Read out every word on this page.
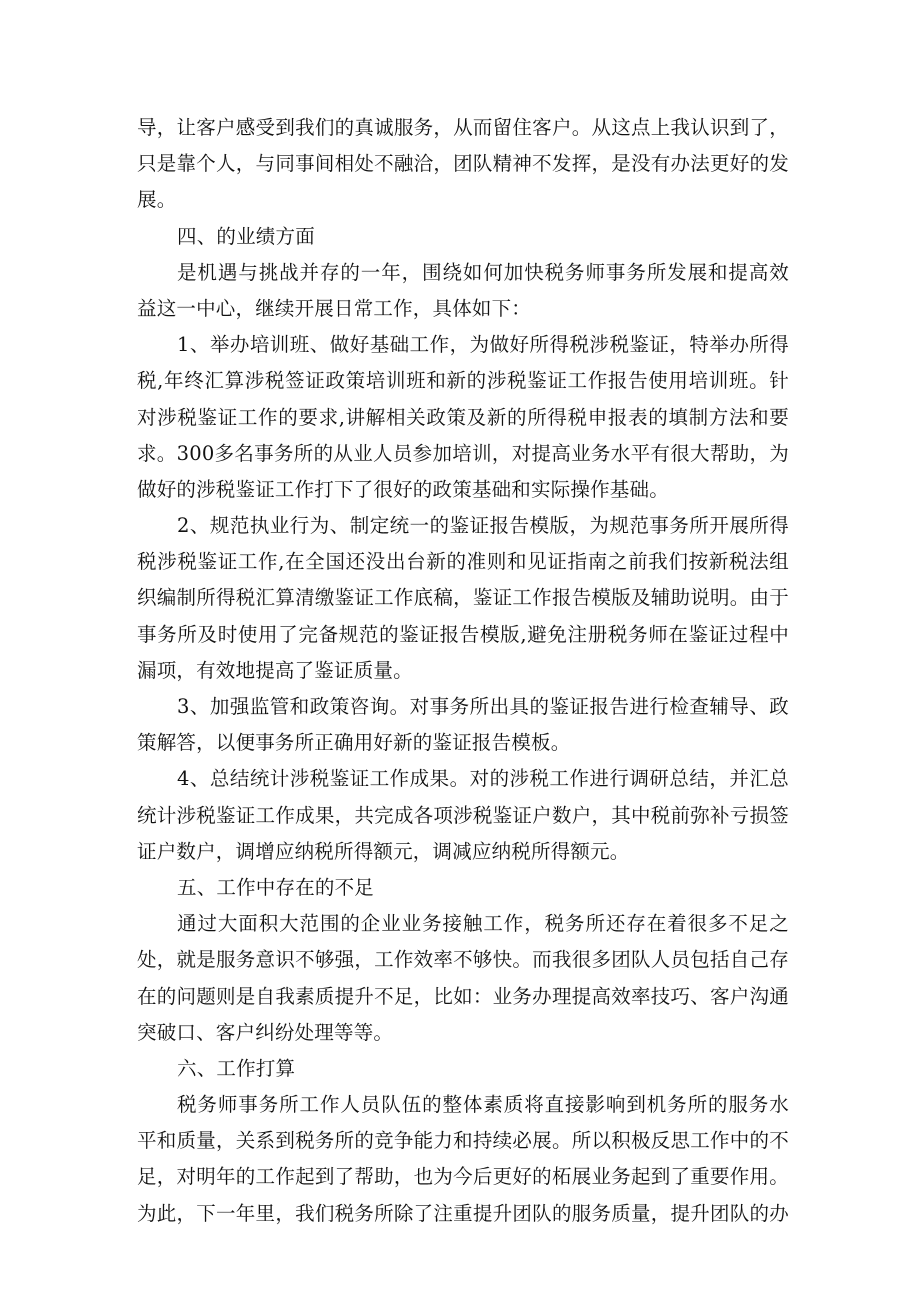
导，让客户感受到我们的真诚服务，从而留住客户。从这点上我认识到了，
只是靠个人，与同事间相处不融洽，团队精神不发挥，是没有办法更好的发
展。
四、的业绩方面
是机遇与挑战并存的一年，围绕如何加快税务师事务所发展和提高效
益这一中心，继续开展日常工作，具体如下：
1、举办培训班、做好基础工作，为做好所得税涉税鉴证，特举办所得
税,年终汇算涉税签证政策培训班和新的涉税鉴证工作报告使用培训班。针
对涉税鉴证工作的要求,讲解相关政策及新的所得税申报表的填制方法和要
求。300多名事务所的从业人员参加培训，对提高业务水平有很大帮助，为
做好的涉税鉴证工作打下了很好的政策基础和实际操作基础。
2、规范执业行为、制定统一的鉴证报告模版，为规范事务所开展所得
税涉税鉴证工作,在全国还没出台新的准则和见证指南之前我们按新税法组
织编制所得税汇算清缴鉴证工作底稿，鉴证工作报告模版及辅助说明。由于
事务所及时使用了完备规范的鉴证报告模版,避免注册税务师在鉴证过程中
漏项，有效地提高了鉴证质量。
3、加强监管和政策咨询。对事务所出具的鉴证报告进行检查辅导、政
策解答，以便事务所正确用好新的鉴证报告模板。
4、总结统计涉税鉴证工作成果。对的涉税工作进行调研总结，并汇总
统计涉税鉴证工作成果，共完成各项涉税鉴证户数户，其中税前弥补亏损签
证户数户，调增应纳税所得额元，调减应纳税所得额元。
五、工作中存在的不足
通过大面积大范围的企业业务接触工作，税务所还存在着很多不足之
处，就是服务意识不够强，工作效率不够快。而我很多团队人员包括自己存
在的问题则是自我素质提升不足，比如：业务办理提高效率技巧、客户沟通
突破口、客户纠纷处理等等。
六、工作打算
税务师事务所工作人员队伍的整体素质将直接影响到机务所的服务水
平和质量，关系到税务所的竞争能力和持续必展。所以积极反思工作中的不
足，对明年的工作起到了帮助，也为今后更好的柘展业务起到了重要作用。
为此，下一年里，我们税务所除了注重提升团队的服务质量，提升团队的办
